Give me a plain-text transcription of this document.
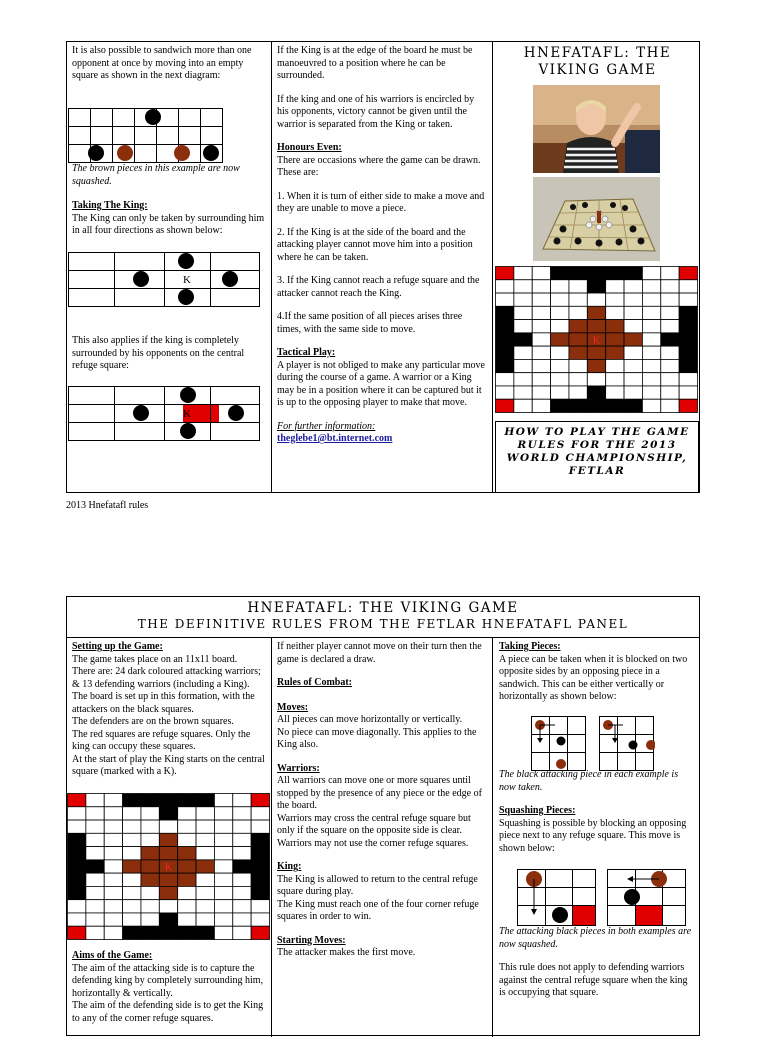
It is also possible to sandwich more than one opponent at once by moving into an empty square as shown in the next diagram:

The brown pieces in this example are now squashed.

Taking The King:

The King can only be taken by surrounding him in all four directions as shown below:

K

This also applies if the king is completely surrounded by his opponents on the central refuge square:

K

If the King is at the edge of the board he must be manoeuvred to a position where he can be surrounded.

If the king and one of his warriors is encircled by his opponents, victory cannot be given until the warrior is separated from the King or taken.

Honours Even:

There are occasions where the game can be drawn. These are:

1. When it is turn of either side to make a move and they are unable to move a piece.

2. If the King is at the side of the board and the attacking player cannot move him into a position where he can be taken.

3. If the King cannot reach a refuge square and the attacker cannot reach the King.

4.If the same position of all pieces arises three times, with the same side to move.

Tactical Play:

A player is not obliged to make any particular move during the course of a game. A warrior or a King may be in a position where it can be captured but it is up to the opposing player to make that move.

For further information:
theglebe1@bt.internet.com
HNEFATAFL: THE VIKING GAME
K
HOW TO PLAY THE GAME RULES FOR THE 2013 WORLD CHAMPIONSHIP, FETLAR
2013 Hnefatafl rules
HNEFATAFL: THE VIKING GAME
THE DEFINITIVE RULES FROM THE FETLAR HNEFATAFL PANEL
Setting up the Game:
The game takes place on an 11x11 board.
There are: 24 dark coloured attacking warriors; & 13 defending warriors (including a King).
The board is set up in this formation, with the attackers on the black squares.
The defenders are on the brown squares.
The red squares are refuge squares. Only the king can occupy these squares.
At the start of play the King starts on the central square (marked with a K).
K
Aims of the Game:
The aim of the attacking side is to capture the defending king by completely surrounding him, horizontally & vertically.
The aim of the defending side is to get the King to any of the corner refuge squares.

If neither player cannot move on their turn then the game is declared a draw.

Rules of Combat:

Moves:
All pieces can move horizontally or vertically.

No piece can move diagonally. This applies to the King also.

Warriors:
All warriors can move one or more squares until stopped by the presence of any piece or the edge of the board.
Warriors may cross the central refuge square but only if the square on the opposite side is clear.

Warriors may not use the corner refuge squares.

King:
The King is allowed to return to the central refuge square during play.

The King must reach one of the four corner refuge squares in order to win.

Starting Moves:
The attacker makes the first move.
Taking Pieces:
A piece can be taken when it is blocked on two opposite sides by an opposing piece in a sandwich. This can be either vertically or horizontally as shown below:

The black attacking piece in each example is now taken.

Squashing Pieces:
Squashing is possible by blocking an opposing piece next to any refuge square. This move is shown below:

The attacking black pieces in both examples are now squashed.

This rule does not apply to defending warriors against the central refuge square when the king is occupying that square.
